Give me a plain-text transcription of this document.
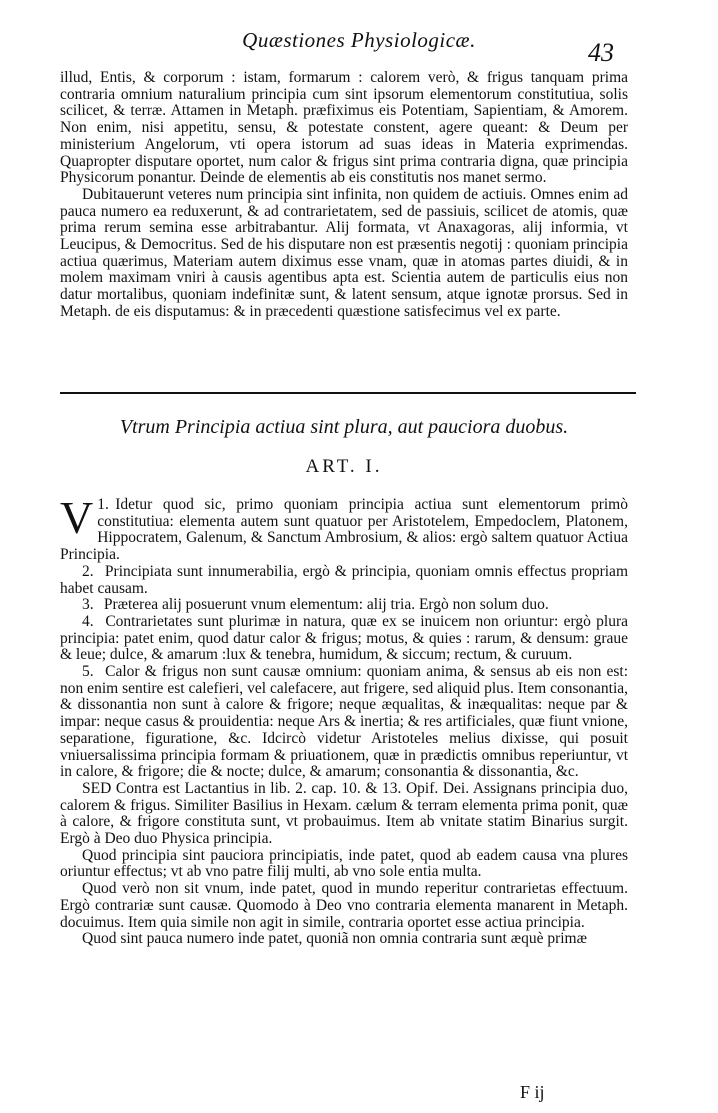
Quæstiones Physiologicæ.	43

illud, Entis, & corporum : istam, formarum : calorem verò, & frigus tanquam prima contraria omnium naturalium principia cum sint ipsorum elementorum constitutiua, solis scilicet, & terræ. Attamen in Metaph. præfiximus eis Potentiam, Sapientiam, & Amorem. Non enim, nisi appetitu, sensu, & potestate constent, agere queant: & Deum per ministerium Angelorum, vti opera istorum ad suas ideas in Materia exprimendas. Quapropter disputare oportet, num calor & frigus sint prima contraria digna, quæ principia Physicorum ponantur. Deinde de elementis ab eis constitutis nos manet sermo.

Dubitauerunt veteres num principia sint infinita, non quidem de actiuis. Omnes enim ad pauca numero ea reduxerunt, & ad contrarietatem, sed de passiuis, scilicet de atomis, quæ prima rerum semina esse arbitrabantur. Alij formata, vt Anaxagoras, alij informia, vt Leucipus, & Democritus. Sed de his disputare non est præsentis negotij : quoniam principia actiua quærimus, Materiam autem diximus esse vnam, quæ in atomas partes diuidi, & in molem maximam vniri à causis agentibus apta est. Scientia autem de particulis eius non datur mortalibus, quoniam indefinitæ sunt, & latent sensum, atque ignotæ prorsus. Sed in Metaph. de eis disputamus: & in præcedenti quæstione satisfecimus vel ex parte.

Vtrum Principia actiua sint plura, aut pauciora duobus.
ART. I.

1.
V Idetur quod sic, primo quoniam principia actiua sunt elementorum primò constitutiua: elementa autem sunt quatuor per Aristotelem, Empedoclem, Platonem, Hippocratem, Galenum, & Sanctum Ambrosium, & alios: ergò saltem quatuor Actiua Principia.

2. Principiata sunt innumerabilia, ergò & principia, quoniam omnis effectus propriam habet causam.

3. Præterea alij posuerunt vnum elementum: alij tria. Ergò non solum duo.

4. Contrarietates sunt plurimæ in natura, quæ ex se inuicem non oriuntur: ergò plura principia: patet enim, quod datur calor & frigus; motus, & quies : rarum, & densum: graue & leue; dulce, & amarum :lux & tenebra, humidum, & siccum; rectum, & curuum.

5. Calor & frigus non sunt causæ omnium: quoniam anima, & sensus ab eis non est: non enim sentire est calefieri, vel calefacere, aut frigere, sed aliquid plus. Item consonantia, & dissonantia non sunt à calore & frigore; neque æqualitas, & inæqualitas: neque par & impar: neque casus & prouidentia: neque Ars & inertia; & res artificiales, quæ fiunt vnione, separatione, figuratione, &c. Idcircò videtur Aristoteles melius dixisse, qui posuit vniuersalissima principia formam & priuationem, quæ in prædictis omnibus reperiuntur, vt in calore, & frigore; die & nocte; dulce, & amarum; consonantia & dissonantia, &c.

SED Contra est Lactantius in lib. 2. cap. 10. & 13. Opif. Dei. Assignans principia duo, calorem & frigus. Similiter Basilius in Hexam. cælum & terram elementa prima ponit, quæ à calore, & frigore constituta sunt, vt probauimus. Item ab vnitate statim Binarius surgit. Ergò à Deo duo Physica principia.

Quod principia sint pauciora principiatis, inde patet, quod ab eadem causa vna plures oriuntur effectus; vt ab vno patre filij multi, ab vno sole entia multa.

Quod verò non sit vnum, inde patet, quod in mundo reperitur contrarietas effectuum. Ergò contrariæ sunt causæ. Quomodo à Deo vno contraria elementa manarent in Metaph. docuimus. Item quia simile non agit in simile, contraria oportet esse actiua principia.

Quod sint pauca numero inde patet, quoniã non omnia contraria sunt æquè primæ

F ij
